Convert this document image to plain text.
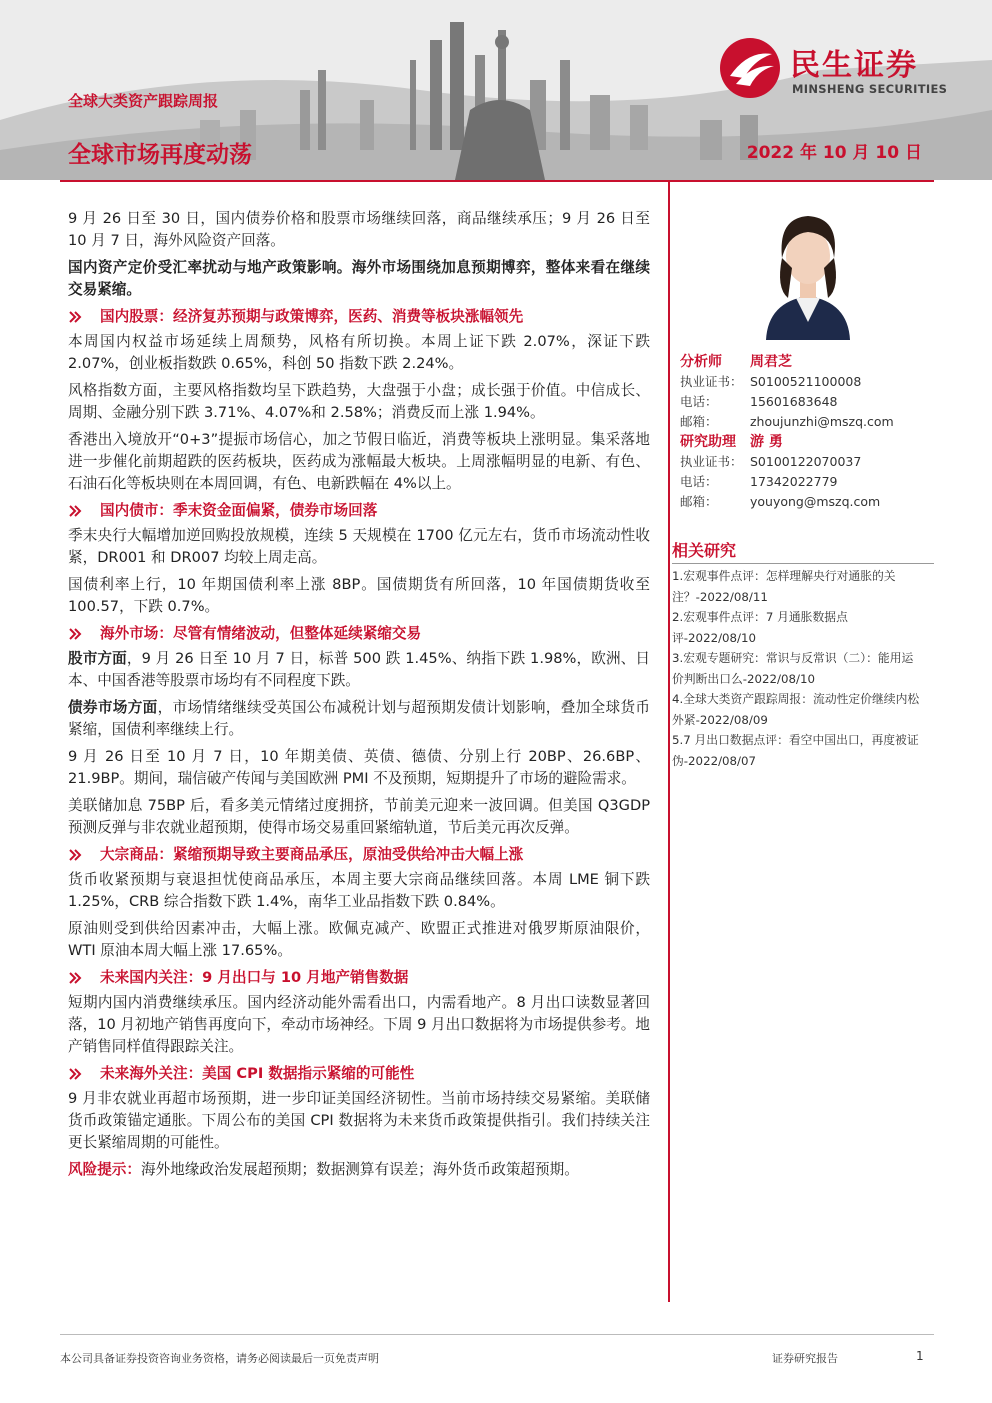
全球大类资产跟踪周报
全球市场再度动荡	2022 年 10 月 10 日
民生证券
MINSHENG SECURITIES

9 月 26 日至 30 日，国内债券价格和股票市场继续回落，商品继续承压；9 月 26 日至 10 月 7 日，海外风险资产回落。

国内资产定价受汇率扰动与地产政策影响。海外市场围绕加息预期博弈，整体来看在继续交易紧缩。

国内股票：经济复苏预期与政策博弈，医药、消费等板块涨幅领先

本周国内权益市场延续上周颓势，风格有所切换。本周上证下跌 2.07%，深证下跌 2.07%，创业板指数跌 0.65%，科创 50 指数下跌 2.24%。

风格指数方面，主要风格指数均呈下跌趋势，大盘强于小盘；成长强于价值。中信成长、周期、金融分别下跌 3.71%、4.07%和 2.58%；消费反而上涨 1.94%。

香港出入境放开“0+3”提振市场信心，加之节假日临近，消费等板块上涨明显。集采落地进一步催化前期超跌的医药板块，医药成为涨幅最大板块。上周涨幅明显的电新、有色、石油石化等板块则在本周回调，有色、电新跌幅在 4%以上。

国内债市：季末资金面偏紧，债券市场回落

季末央行大幅增加逆回购投放规模，连续 5 天规模在 1700 亿元左右，货币市场流动性收紧，DR001 和 DR007 均较上周走高。

国债利率上行，10 年期国债利率上涨 8BP。国债期货有所回落，10 年国债期货收至 100.57，下跌 0.7%。

海外市场：尽管有情绪波动，但整体延续紧缩交易

股市方面，9 月 26 日至 10 月 7 日，标普 500 跌 1.45%、纳指下跌 1.98%，欧洲、日本、中国香港等股票市场均有不同程度下跌。

债券市场方面，市场情绪继续受英国公布减税计划与超预期发债计划影响，叠加全球货币紧缩，国债利率继续上行。

9 月 26 日至 10 月 7 日，10 年期美债、英债、德债、分别上行 20BP、26.6BP、21.9BP。期间，瑞信破产传闻与美国欧洲 PMI 不及预期，短期提升了市场的避险需求。

美联储加息 75BP 后，看多美元情绪过度拥挤，节前美元迎来一波回调。但美国 Q3GDP 预测反弹与非农就业超预期，使得市场交易重回紧缩轨道，节后美元再次反弹。

大宗商品：紧缩预期导致主要商品承压，原油受供给冲击大幅上涨

货币收紧预期与衰退担忧使商品承压，本周主要大宗商品继续回落。本周 LME 铜下跌 1.25%，CRB 综合指数下跌 1.4%，南华工业品指数下跌 0.84%。

原油则受到供给因素冲击，大幅上涨。欧佩克减产、欧盟正式推进对俄罗斯原油限价，WTI 原油本周大幅上涨 17.65%。

未来国内关注：9 月出口与 10 月地产销售数据

短期内国内消费继续承压。国内经济动能外需看出口，内需看地产。8 月出口读数显著回落，10 月初地产销售再度向下，牵动市场神经。下周 9 月出口数据将为市场提供参考。地产销售同样值得跟踪关注。

未来海外关注：美国 CPI 数据指示紧缩的可能性

9 月非农就业再超市场预期，进一步印证美国经济韧性。当前市场持续交易紧缩。美联储货币政策锚定通胀。下周公布的美国 CPI 数据将为未来货币政策提供指引。我们持续关注更长紧缩周期的可能性。

风险提示：海外地缘政治发展超预期；数据测算有误差；海外货币政策超预期。

分析师	周君芝
执业证书： S0100521100008
电话：	15601683648
邮箱：	zhoujunzhi@mszq.com
研究助理	游 勇
执业证书： S0100122070037
电话：	17342022779
邮箱：	youyong@mszq.com
相关研究
1.宏观事件点评：怎样理解央行对通胀的关注？-2022/08/11
2.宏观事件点评：7 月通胀数据点评-2022/08/10
3.宏观专题研究：常识与反常识（二）：能用运价判断出口么-2022/08/10
4.全球大类资产跟踪周报：流动性定价继续内松外紧-2022/08/09
5.7 月出口数据点评：看空中国出口，再度被证伪-2022/08/07
本公司具备证券投资咨询业务资格，请务必阅读最后一页免责声明	证券研究报告	1
